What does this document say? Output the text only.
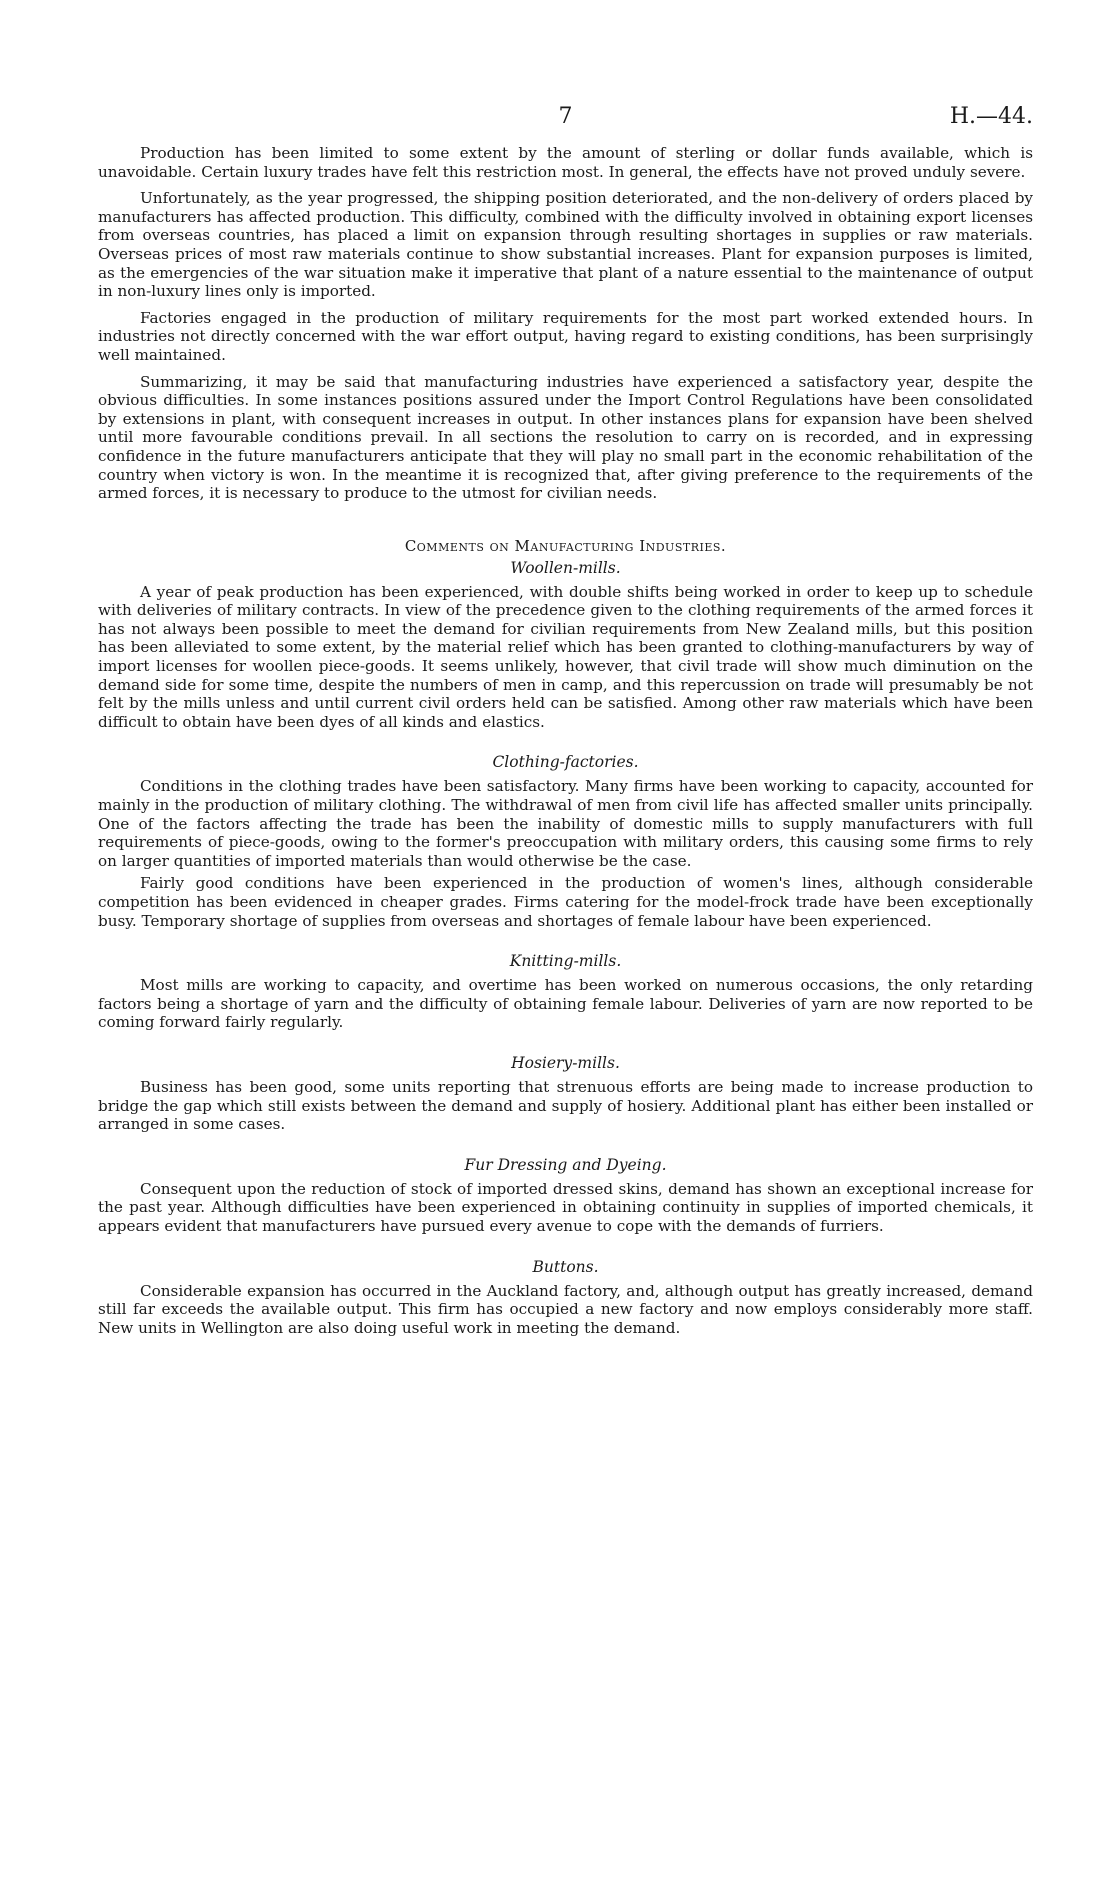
7	H.—44.

Production has been limited to some extent by the amount of sterling or dollar funds available, which is unavoidable. Certain luxury trades have felt this restriction most. In general, the effects have not proved unduly severe.

Unfortunately, as the year progressed, the shipping position deteriorated, and the non-delivery of orders placed by manufacturers has affected production. This difficulty, combined with the difficulty involved in obtaining export licenses from overseas countries, has placed a limit on expansion through resulting shortages in supplies or raw materials. Overseas prices of most raw materials continue to show substantial increases. Plant for expansion purposes is limited, as the emergencies of the war situation make it imperative that plant of a nature essential to the maintenance of output in non-luxury lines only is imported.

Factories engaged in the production of military requirements for the most part worked extended hours. In industries not directly concerned with the war effort output, having regard to existing conditions, has been surprisingly well maintained.

Summarizing, it may be said that manufacturing industries have experienced a satisfactory year, despite the obvious difficulties. In some instances positions assured under the Import Control Regulations have been consolidated by extensions in plant, with consequent increases in output. In other instances plans for expansion have been shelved until more favourable conditions prevail. In all sections the resolution to carry on is recorded, and in expressing confidence in the future manufacturers anticipate that they will play no small part in the economic rehabilitation of the country when victory is won. In the meantime it is recognized that, after giving preference to the requirements of the armed forces, it is necessary to produce to the utmost for civilian needs.

Comments on Manufacturing Industries.
Woollen-mills.

A year of peak production has been experienced, with double shifts being worked in order to keep up to schedule with deliveries of military contracts. In view of the precedence given to the clothing requirements of the armed forces it has not always been possible to meet the demand for civilian requirements from New Zealand mills, but this position has been alleviated to some extent, by the material relief which has been granted to clothing-manufacturers by way of import licenses for woollen piece-goods. It seems unlikely, however, that civil trade will show much diminution on the demand side for some time, despite the numbers of men in camp, and this repercussion on trade will presumably be not felt by the mills unless and until current civil orders held can be satisfied. Among other raw materials which have been difficult to obtain have been dyes of all kinds and elastics.

Clothing-factories.

Conditions in the clothing trades have been satisfactory. Many firms have been working to capacity, accounted for mainly in the production of military clothing. The withdrawal of men from civil life has affected smaller units principally. One of the factors affecting the trade has been the inability of domestic mills to supply manufacturers with full requirements of piece-goods, owing to the former's preoccupation with military orders, this causing some firms to rely on larger quantities of imported materials than would otherwise be the case.

Fairly good conditions have been experienced in the production of women's lines, although considerable competition has been evidenced in cheaper grades. Firms catering for the model-frock trade have been exceptionally busy. Temporary shortage of supplies from overseas and shortages of female labour have been experienced.

Knitting-mills.

Most mills are working to capacity, and overtime has been worked on numerous occasions, the only retarding factors being a shortage of yarn and the difficulty of obtaining female labour. Deliveries of yarn are now reported to be coming forward fairly regularly.

Hosiery-mills.

Business has been good, some units reporting that strenuous efforts are being made to increase production to bridge the gap which still exists between the demand and supply of hosiery. Additional plant has either been installed or arranged in some cases.

Fur Dressing and Dyeing.

Consequent upon the reduction of stock of imported dressed skins, demand has shown an exceptional increase for the past year. Although difficulties have been experienced in obtaining continuity in supplies of imported chemicals, it appears evident that manufacturers have pursued every avenue to cope with the demands of furriers.

Buttons.

Considerable expansion has occurred in the Auckland factory, and, although output has greatly increased, demand still far exceeds the available output. This firm has occupied a new factory and now employs considerably more staff. New units in Wellington are also doing useful work in meeting the demand.
